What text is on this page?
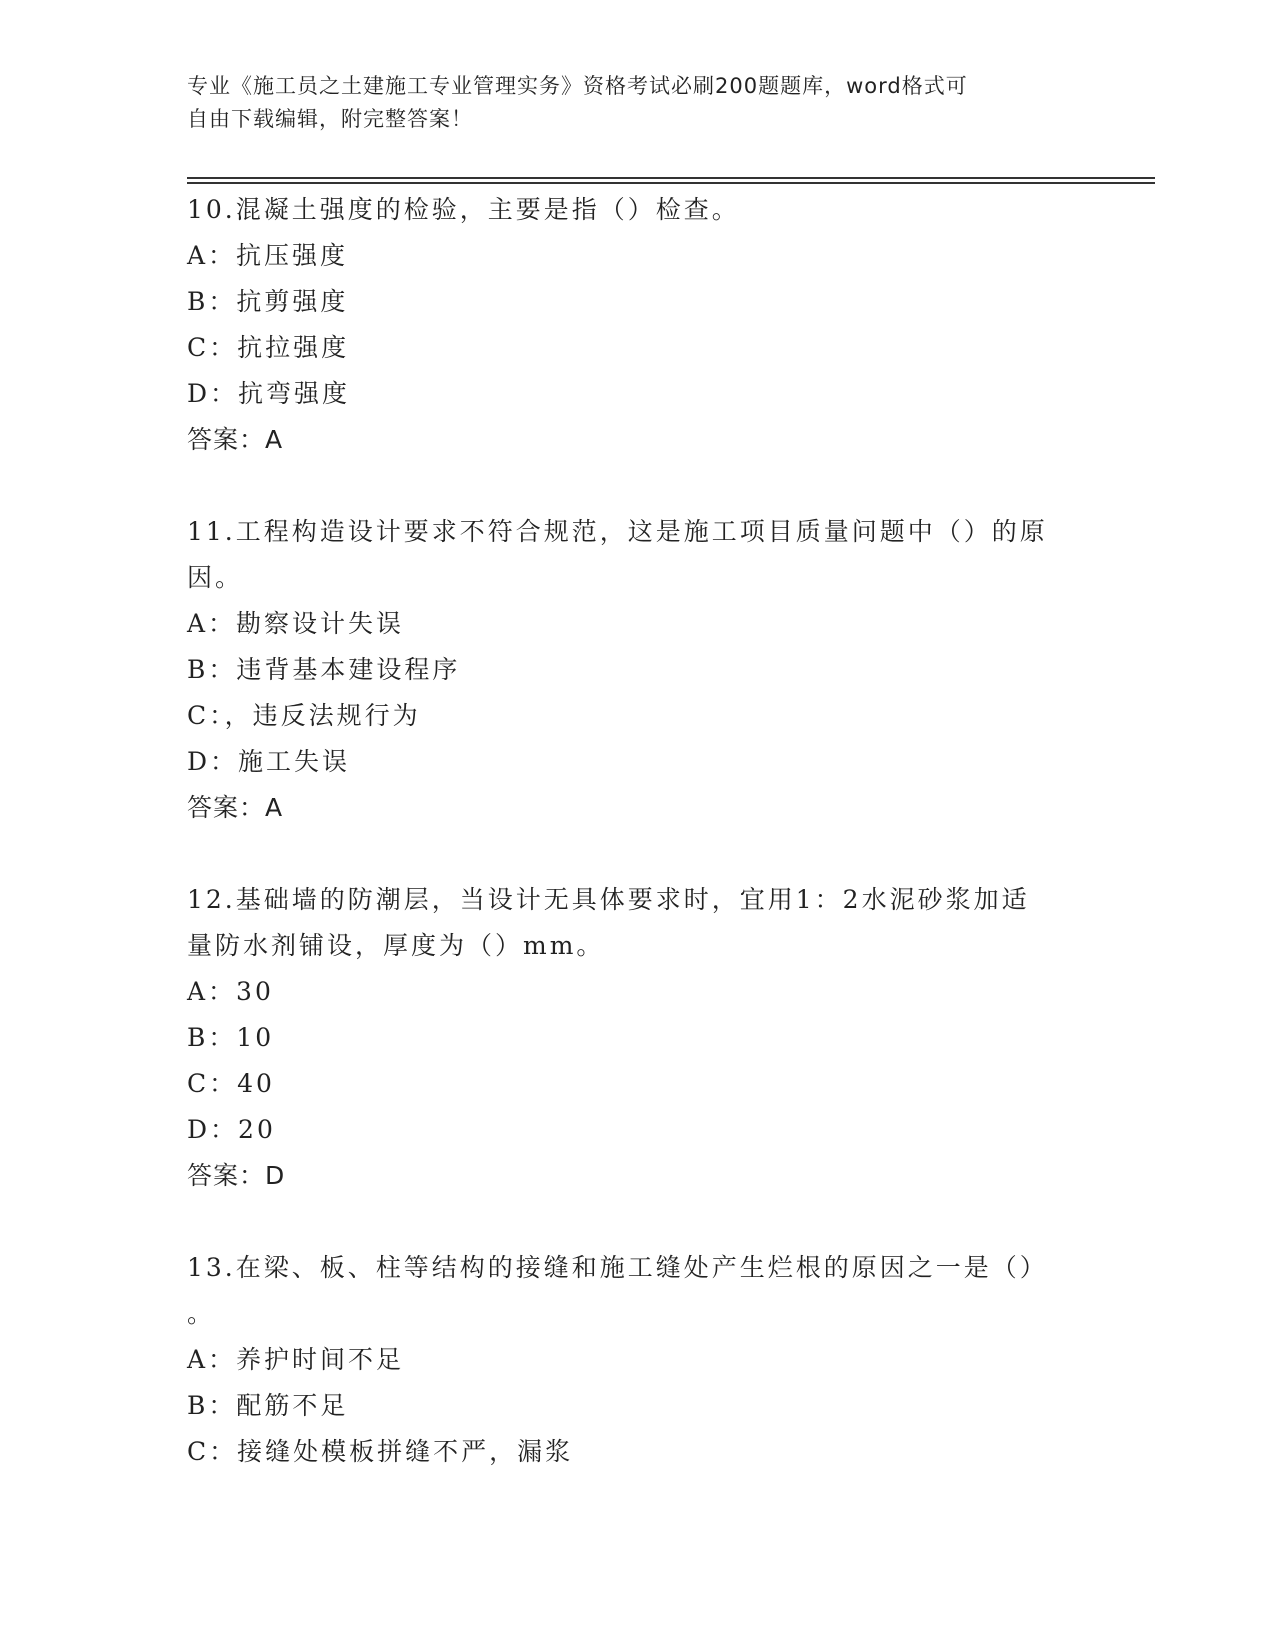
专业《施工员之土建施工专业管理实务》资格考试必刷200题题库，word格式可
自由下载编辑，附完整答案！
10.混凝土强度的检验，主要是指（）检查。
A：抗压强度
B：抗剪强度
C：抗拉强度
D：抗弯强度
答案：A
11.工程构造设计要求不符合规范，这是施工项目质量问题中（）的原
因。
A：勘察设计失误
B：违背基本建设程序
C：，违反法规行为
D：施工失误
答案：A
12.基础墙的防潮层，当设计无具体要求时，宜用1：2水泥砂浆加适
量防水剂铺设，厚度为（）mm。
A：30
B：10
C：40
D：20
答案：D
13.在梁、板、柱等结构的接缝和施工缝处产生烂根的原因之一是（）
。
A：养护时间不足
B：配筋不足
C：接缝处模板拼缝不严，漏浆
